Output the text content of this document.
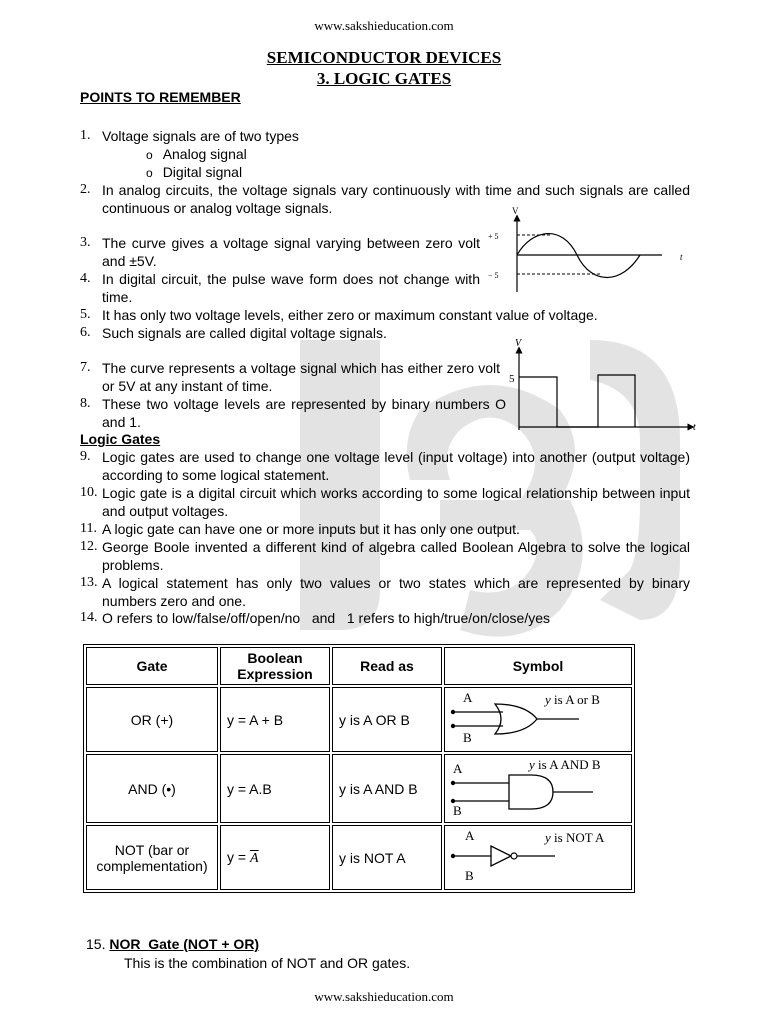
www.sakshieducation.com
SEMICONDUCTOR DEVICES
3. LOGIC GATES
POINTS TO REMEMBER
1. Voltage signals are of two types
o Analog signal
o Digital signal
2. In analog circuits, the voltage signals vary continuously with time and such signals are called continuous or analog voltage signals.
3. The curve gives a voltage signal varying between zero volt and ±5V.
4. In digital circuit, the pulse wave form does not change with time.
5. It has only two voltage levels, either zero or maximum constant value of voltage.
6. Such signals are called digital voltage signals.
7. The curve represents a voltage signal which has either zero volt or 5V at any instant of time.
8. These two voltage levels are represented by binary numbers O and 1.
Logic Gates
9. Logic gates are used to change one voltage level (input voltage) into another (output voltage) according to some logical statement.
10. Logic gate is a digital circuit which works according to some logical relationship between input and output voltages.
11. A logic gate can have one or more inputs but it has only one output.
12. George Boole invented a different kind of algebra called Boolean Algebra to solve the logical problems.
13. A logical statement has only two values or two states which are represented by binary numbers zero and one.
14. O refers to low/false/off/open/no   and   1 refers to high/true/on/close/yes
V
+ 5
− 5
t
V
5
t
Gate	Boolean Expression	Read as	Symbol
OR (+)	y = A + B	y is A OR B	A
B
y is A or B

AND (•)	y = A.B	y is A AND B	A
B
y is A AND B

NOT (bar or complementation)	$y = \overline{A}$	y is NOT A	A
B
y is NOT A
15. NOR  Gate (NOT + OR)
This is the combination of NOT and OR gates.
www.sakshieducation.com
